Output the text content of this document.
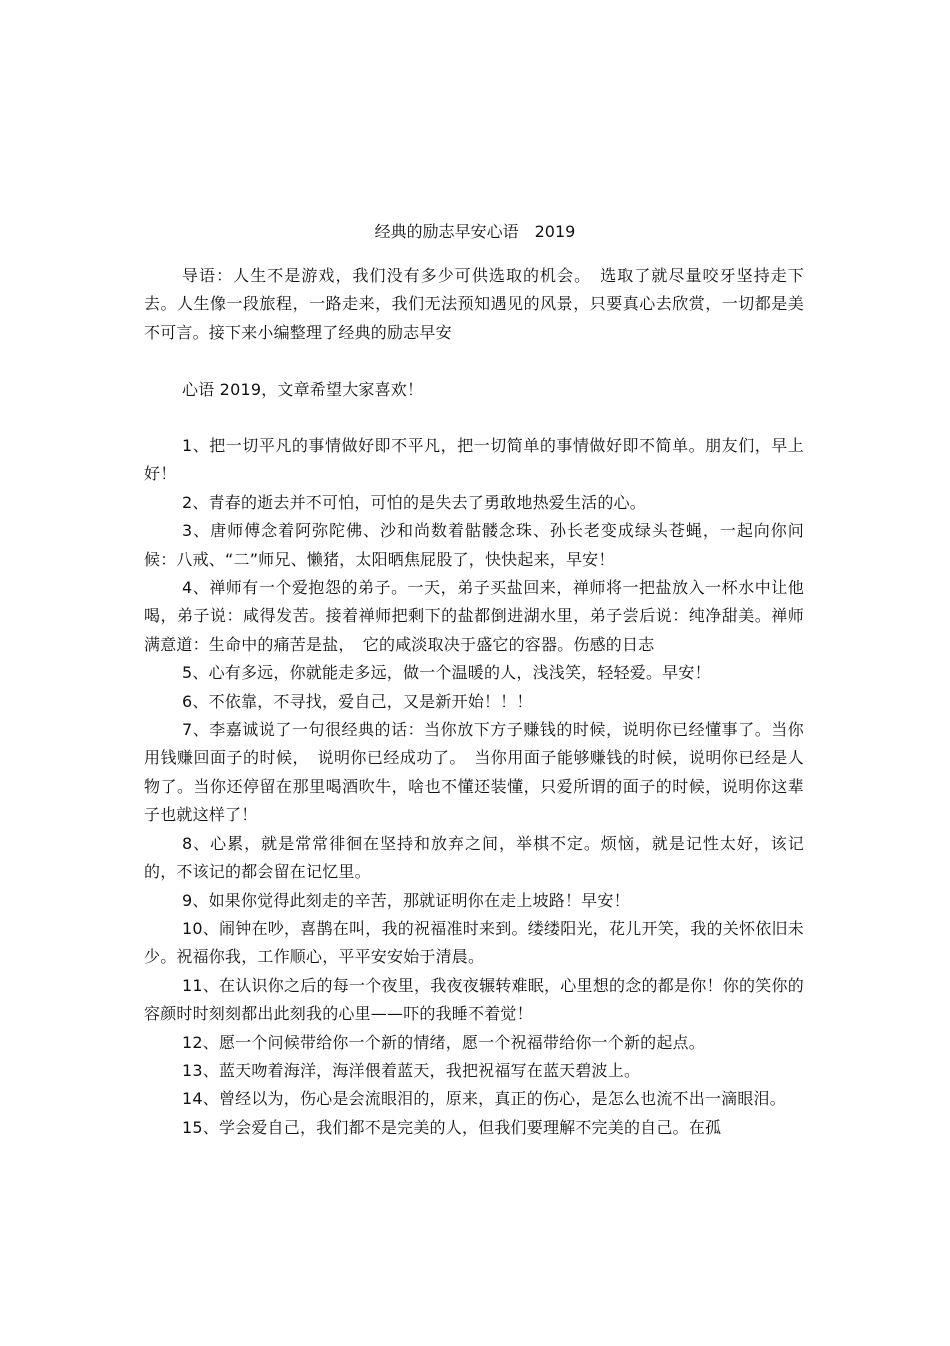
经典的励志早安心语　2019

导语：人生不是游戏，我们没有多少可供选取的机会。　选取了就尽量咬牙坚持走下去。人生像一段旅程，一路走来，我们无法预知遇见的风景，只要真心去欣赏，一切都是美不可言。接下来小编整理了经典的励志早安

心语 2019，文章希望大家喜欢！

1、把一切平凡的事情做好即不平凡，把一切简单的事情做好即不简单。朋友们，早上好！

2、青春的逝去并不可怕，可怕的是失去了勇敢地热爱生活的心。

3、唐师傅念着阿弥陀佛、沙和尚数着骷髅念珠、孙长老变成绿头苍蝇，一起向你问候：八戒、“二”师兄、懒猪，太阳晒焦屁股了，快快起来，早安！

4、禅师有一个爱抱怨的弟子。一天，弟子买盐回来，禅师将一把盐放入一杯水中让他喝，弟子说：咸得发苦。接着禅师把剩下的盐都倒进湖水里，弟子尝后说：纯净甜美。禅师满意道：生命中的痛苦是盐，　它的咸淡取决于盛它的容器。伤感的日志

5、心有多远，你就能走多远，做一个温暖的人，浅浅笑，轻轻爱。早安！

6、不依靠，不寻找，爱自己，又是新开始！！！

7、李嘉诚说了一句很经典的话：当你放下方子赚钱的时候，说明你已经懂事了。当你用钱赚回面子的时候，　说明你已经成功了。　当你用面子能够赚钱的时候，说明你已经是人物了。当你还停留在那里喝酒吹牛，啥也不懂还装懂，只爱所谓的面子的时候，说明你这辈子也就这样了！

8、心累，就是常常徘徊在坚持和放弃之间，举棋不定。烦恼，就是记性太好，该记的，不该记的都会留在记忆里。

9、如果你觉得此刻走的辛苦，那就证明你在走上坡路！早安！

10、闹钟在吵，喜鹊在叫，我的祝福准时来到。缕缕阳光，花儿开笑，我的关怀依旧未少。祝福你我，工作顺心，平平安安始于清晨。

11、在认识你之后的每一个夜里，我夜夜辗转难眠，心里想的念的都是你！你的笑你的容颜时时刻刻都出此刻我的心里——吓的我睡不着觉！

12、愿一个问候带给你一个新的情绪，愿一个祝福带给你一个新的起点。

13、蓝天吻着海洋，海洋偎着蓝天，我把祝福写在蓝天碧波上。

14、曾经以为，伤心是会流眼泪的，原来，真正的伤心，是怎么也流不出一滴眼泪。

15、学会爱自己，我们都不是完美的人，但我们要理解不完美的自己。在孤
